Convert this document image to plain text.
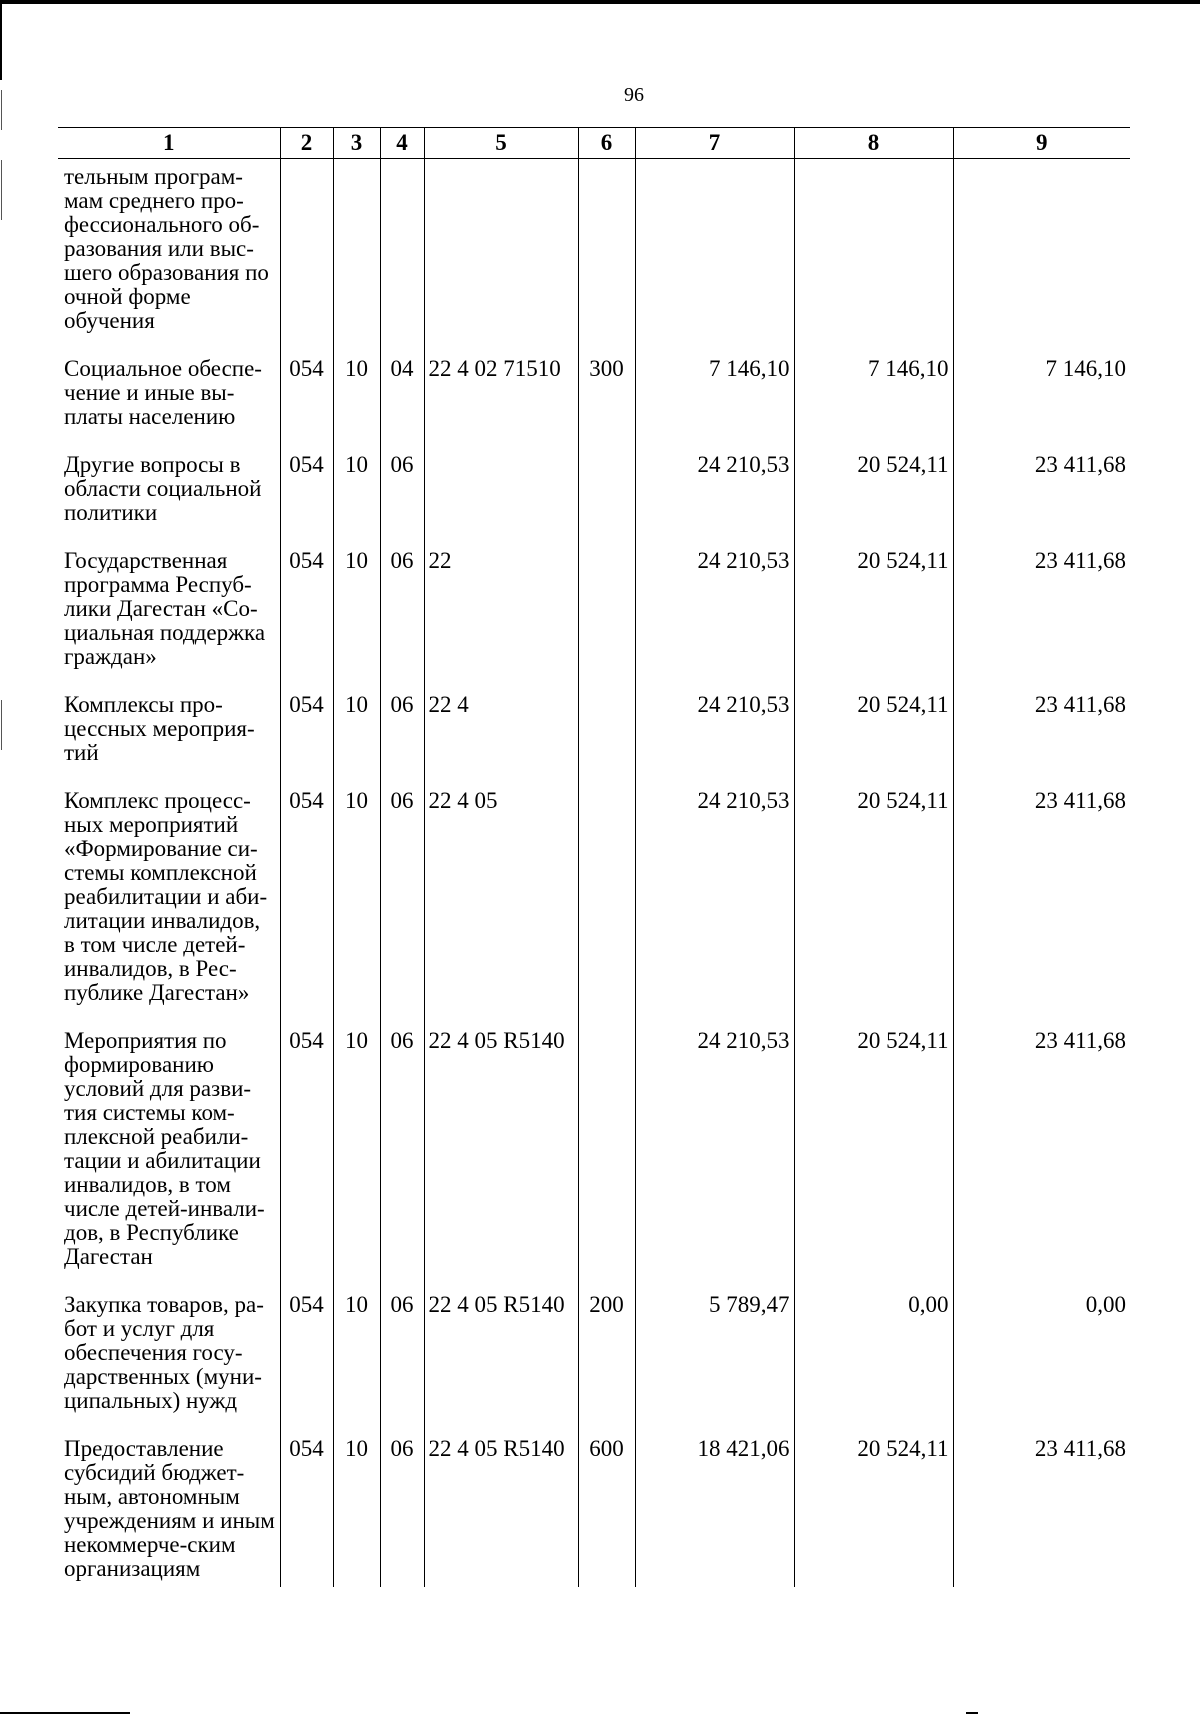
96
1	2	3	4	5	6	7	8	9
тельным програм-мам среднего про-фессионального об-разования или выс-шего образования по очной форме обучения								
Социальное обеспе-чение и иные вы-платы населению	054	10	04	22 4 02 71510	300	7 146,10	7 146,10	7 146,10
Другие вопросы в области социальной политики	054	10	06			24 210,53	20 524,11	23 411,68
Государственная программа Респуб-лики Дагестан «Со-циальная поддержка граждан»	054	10	06	22		24 210,53	20 524,11	23 411,68
Комплексы про-цессных мероприя-тий	054	10	06	22 4		24 210,53	20 524,11	23 411,68
Комплекс процесс-ных мероприятий «Формирование си-стемы комплексной реабилитации и аби-литации инвалидов, в том числе детей-инвалидов, в Рес-публике Дагестан»	054	10	06	22 4 05		24 210,53	20 524,11	23 411,68
Мероприятия по формированию условий для разви-тия системы ком-плексной реабили-тации и абилитации инвалидов, в том числе детей-инвали-дов, в Республике Дагестан	054	10	06	22 4 05 R5140		24 210,53	20 524,11	23 411,68
Закупка товаров, ра-бот и услуг для обеспечения госу-дарственных (муни-ципальных) нужд	054	10	06	22 4 05 R5140	200	5 789,47	0,00	0,00
Предоставление субсидий бюджет-ным, автономным учреждениям и иным некоммерче-ским организациям	054	10	06	22 4 05 R5140	600	18 421,06	20 524,11	23 411,68
